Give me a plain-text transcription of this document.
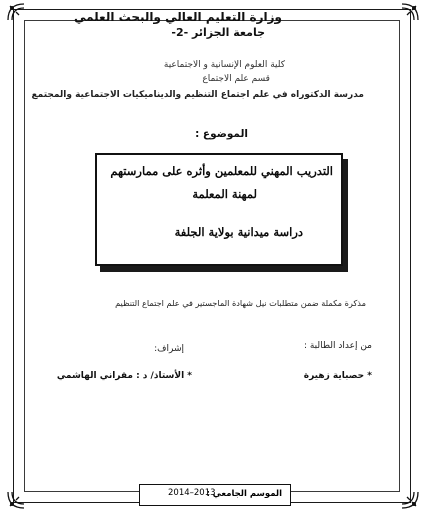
وزارة التعليم العالي والبحث العلمي
جامعة الجزائر -2-
كلية العلوم الإنسانية و الاجتماعية
قسم علم الاجتماع
مدرسة الدكتوراه في علم اجتماع التنظيم والديناميكيات الاجتماعية والمجتمع
الموضوع :
التدريب المهني للمعلمين وأثره على ممارستهم
لمهنة المعلمة
دراسة ميدانية بولاية الجلفة
مذكرة مكملة ضمن متطلبات نيل شهادة الماجستير في علم اجتماع التنظيم
من إعداد الطالبة :
إشراف:
* حصباية زهيرة
* الأستاذ/ د : مقراني الهاشمي
الموسم الجامعي :
2014–2013
